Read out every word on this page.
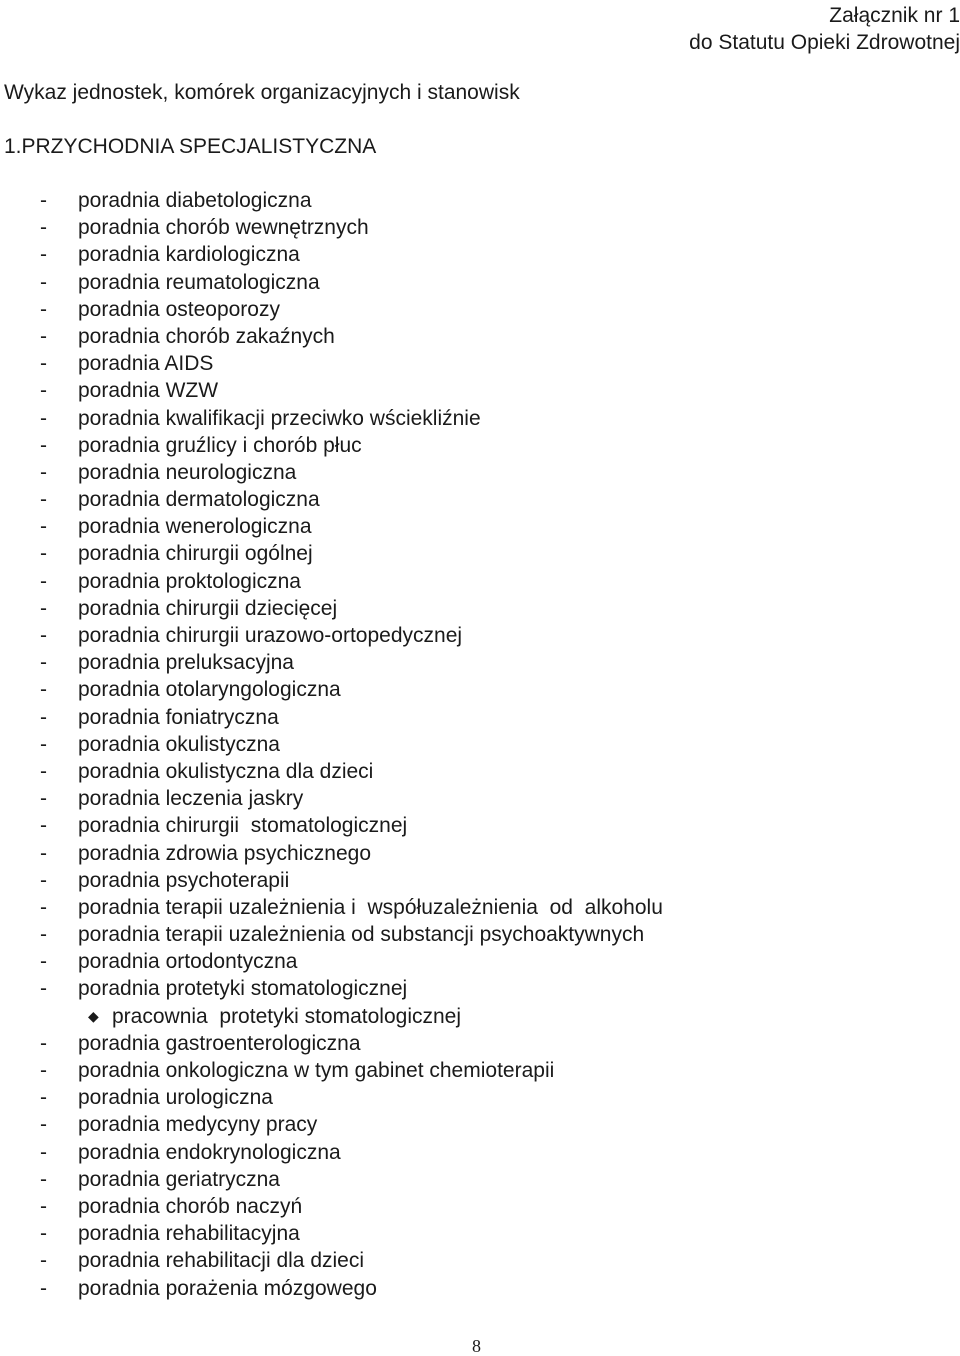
Załącznik nr 1
do Statutu Opieki Zdrowotnej
Wykaz jednostek, komórek organizacyjnych i stanowisk
1.PRZYCHODNIA SPECJALISTYCZNA
- poradnia diabetologiczna
- poradnia chorób wewnętrznych
- poradnia kardiologiczna
- poradnia reumatologiczna
- poradnia osteoporozy
- poradnia chorób zakaźnych
- poradnia AIDS
- poradnia WZW
- poradnia kwalifikacji przeciwko wściekliźnie
- poradnia gruźlicy i chorób płuc
- poradnia neurologiczna
- poradnia dermatologiczna
- poradnia wenerologiczna
- poradnia chirurgii ogólnej
- poradnia proktologiczna
- poradnia chirurgii dziecięcej
- poradnia chirurgii urazowo-ortopedycznej
- poradnia preluksacyjna
- poradnia otolaryngologiczna
- poradnia foniatryczna
- poradnia okulistyczna
- poradnia okulistyczna dla dzieci
- poradnia leczenia jaskry
- poradnia chirurgii  stomatologicznej
- poradnia zdrowia psychicznego
- poradnia psychoterapii
- poradnia terapii uzależnienia i  współuzależnienia  od  alkoholu
- poradnia terapii uzależnienia od substancji psychoaktywnych
- poradnia ortodontyczna
- poradnia protetyki stomatologicznej
◆ pracownia  protetyki stomatologicznej
- poradnia gastroenterologiczna
- poradnia onkologiczna w tym gabinet chemioterapii
- poradnia urologiczna
- poradnia medycyny pracy
- poradnia endokrynologiczna
- poradnia geriatryczna
- poradnia chorób naczyń
- poradnia rehabilitacyjna
- poradnia rehabilitacji dla dzieci
- poradnia porażenia mózgowego
8
